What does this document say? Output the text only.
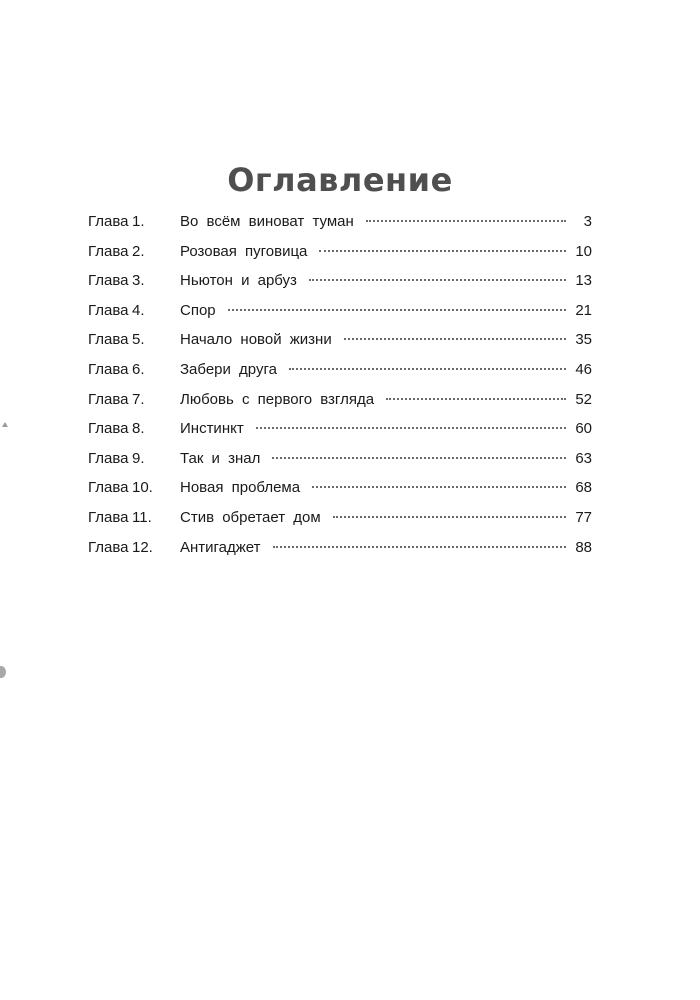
Оглавление
Глава 1.	Во всём виноват туман	3
Глава 2.	Розовая пуговица	10
Глава 3.	Ньютон и арбуз	13
Глава 4.	Спор	21
Глава 5.	Начало новой жизни	35
Глава 6.	Забери друга	46
Глава 7.	Любовь с первого взгляда	52
Глава 8.	Инстинкт	60
Глава 9.	Так и знал	63
Глава 10.	Новая проблема	68
Глава 11.	Стив обретает дом	77
Глава 12.	Антигаджет	88
